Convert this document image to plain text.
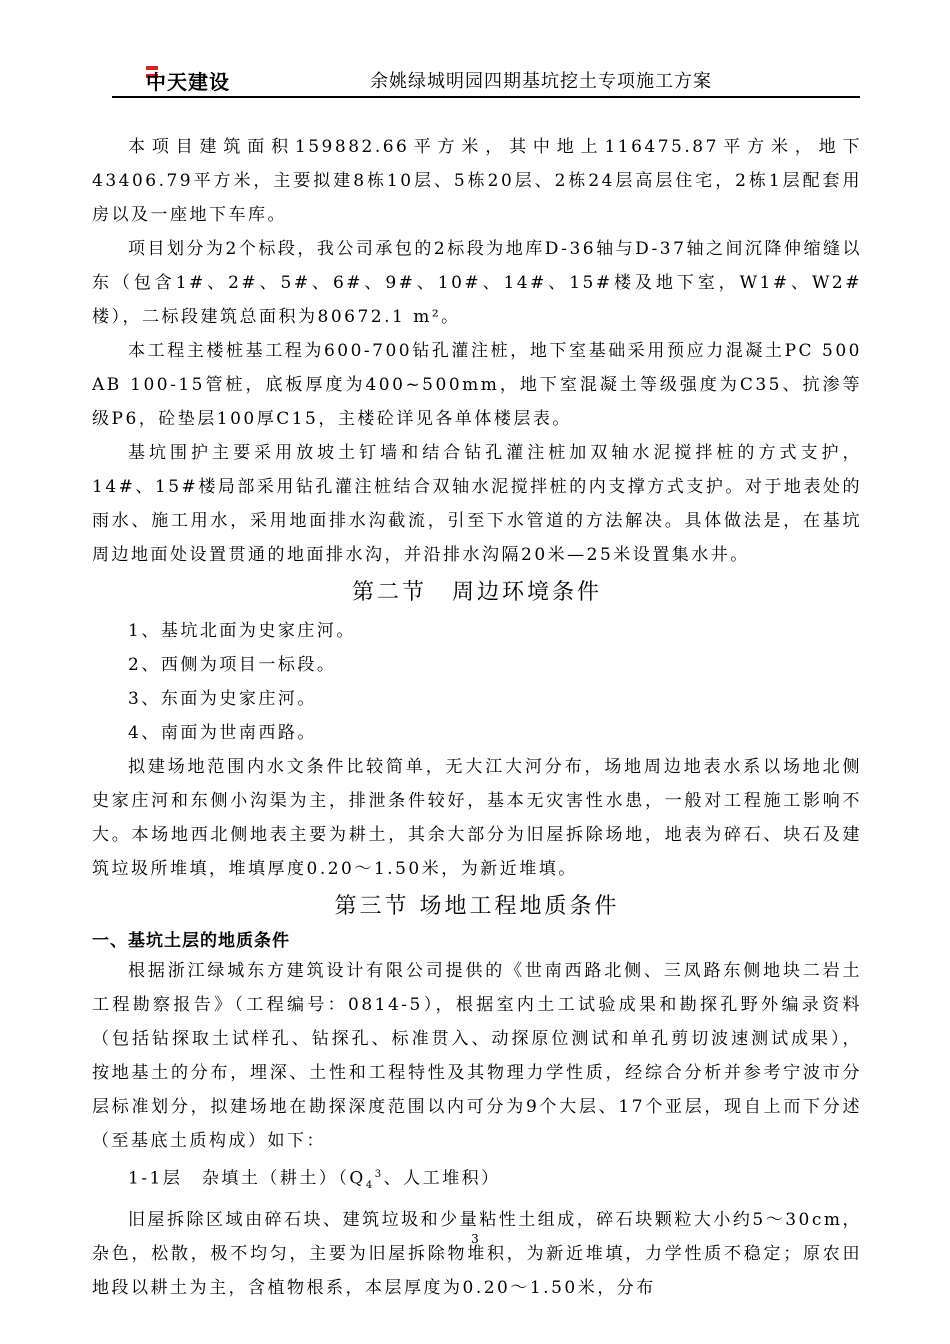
中天建设	余姚绿城明园四期基坑挖土专项施工方案

本项目建筑面积159882.66平方米，其中地上116475.87平方米，地下43406.79平方米，主要拟建8栋10层、5栋20层、2栋24层高层住宅，2栋1层配套用房以及一座地下车库。

项目划分为2个标段，我公司承包的2标段为地库D-36轴与D-37轴之间沉降伸缩缝以东（包含1#、2#、5#、6#、9#、10#、14#、15#楼及地下室，W1#、W2#楼），二标段建筑总面积为80672.1 m²。

本工程主楼桩基工程为600-700钻孔灌注桩，地下室基础采用预应力混凝土PC 500 AB 100-15管桩，底板厚度为400~500mm，地下室混凝土等级强度为C35、抗渗等级P6，砼垫层100厚C15，主楼砼详见各单体楼层表。

基坑围护主要采用放坡土钉墙和结合钻孔灌注桩加双轴水泥搅拌桩的方式支护，14#、15#楼局部采用钻孔灌注桩结合双轴水泥搅拌桩的内支撑方式支护。对于地表处的雨水、施工用水，采用地面排水沟截流，引至下水管道的方法解决。具体做法是，在基坑周边地面处设置贯通的地面排水沟，并沿排水沟隔20米—25米设置集水井。

第二节　周边环境条件

1、基坑北面为史家庄河。

2、西侧为项目一标段。

3、东面为史家庄河。

4、南面为世南西路。

拟建场地范围内水文条件比较简单，无大江大河分布，场地周边地表水系以场地北侧史家庄河和东侧小沟渠为主，排泄条件较好，基本无灾害性水患，一般对工程施工影响不大。本场地西北侧地表主要为耕土，其余大部分为旧屋拆除场地，地表为碎石、块石及建筑垃圾所堆填，堆填厚度0.20～1.50米，为新近堆填。

第三节 场地工程地质条件
一、基坑土层的地质条件

根据浙江绿城东方建筑设计有限公司提供的《世南西路北侧、三凤路东侧地块二岩土工程勘察报告》（工程编号：0814-5），根据室内土工试验成果和勘探孔野外编录资料（包括钻探取土试样孔、钻探孔、标准贯入、动探原位测试和单孔剪切波速测试成果），按地基土的分布，埋深、土性和工程特性及其物理力学性质，经综合分析并参考宁波市分层标准划分，拟建场地在勘探深度范围以内可分为9个大层、17个亚层，现自上而下分述（至基底土质构成）如下：

1-1层　杂填土（耕土）（$Q_4^3$、人工堆积）

旧屋拆除区域由碎石块、建筑垃圾和少量粘性土组成，碎石块颗粒大小约5～30cm，杂色，松散，极不均匀，主要为旧屋拆除物堆积，为新近堆填，力学性质不稳定；原农田地段以耕土为主，含植物根系，本层厚度为0.20～1.50米，分布

3
